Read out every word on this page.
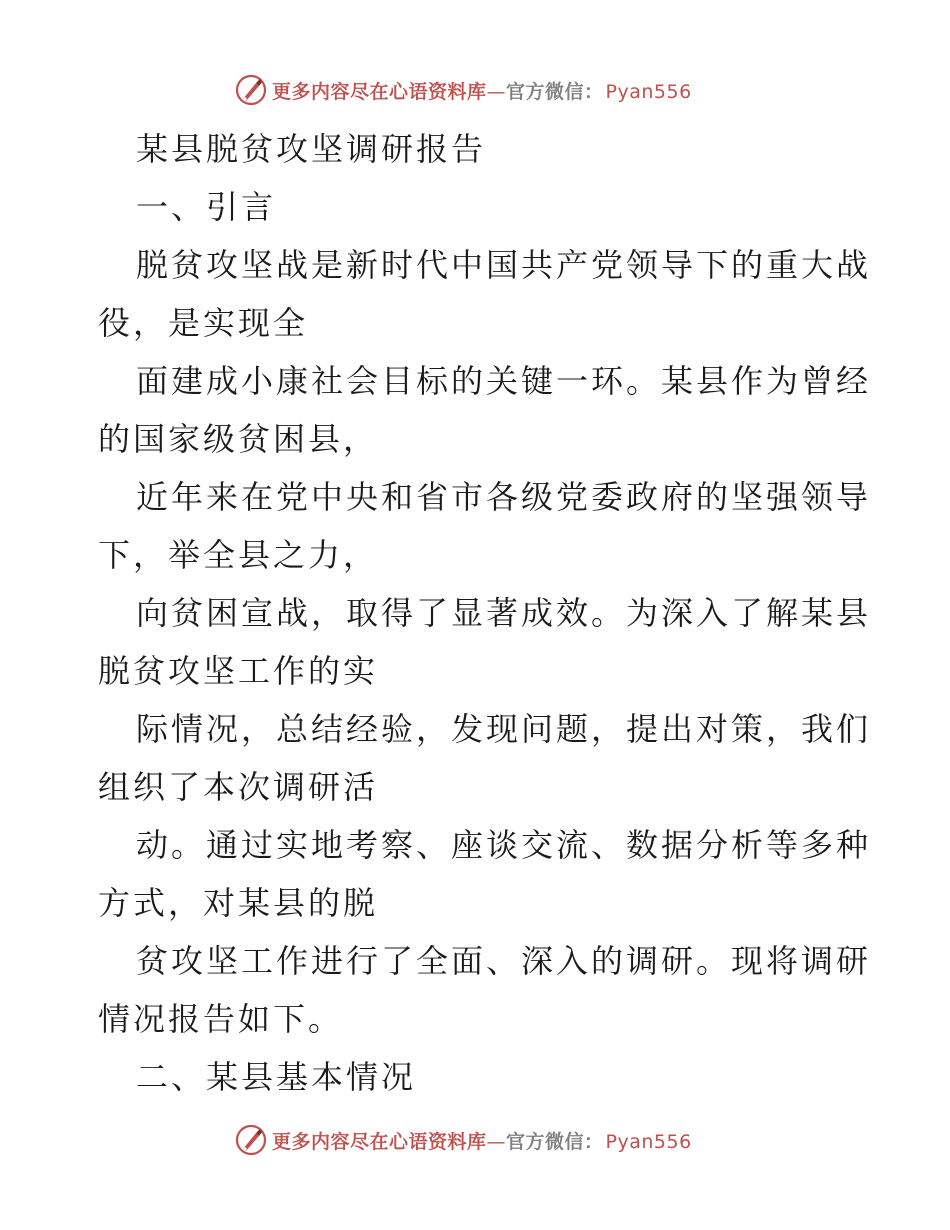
更多内容尽在心语资料库—官方微信： Pyan556
某县脱贫攻坚调研报告
一、引言
脱贫攻坚战是新时代中国共产党领导下的重大战
役，是实现全
面建成小康社会目标的关键一环。某县作为曾经
的国家级贫困县，
近年来在党中央和省市各级党委政府的坚强领导
下，举全县之力，
向贫困宣战，取得了显著成效。为深入了解某县
脱贫攻坚工作的实
际情况，总结经验，发现问题，提出对策，我们
组织了本次调研活
动。通过实地考察、座谈交流、数据分析等多种
方式，对某县的脱
贫攻坚工作进行了全面、深入的调研。现将调研
情况报告如下。
二、某县基本情况
更多内容尽在心语资料库—官方微信： Pyan556
